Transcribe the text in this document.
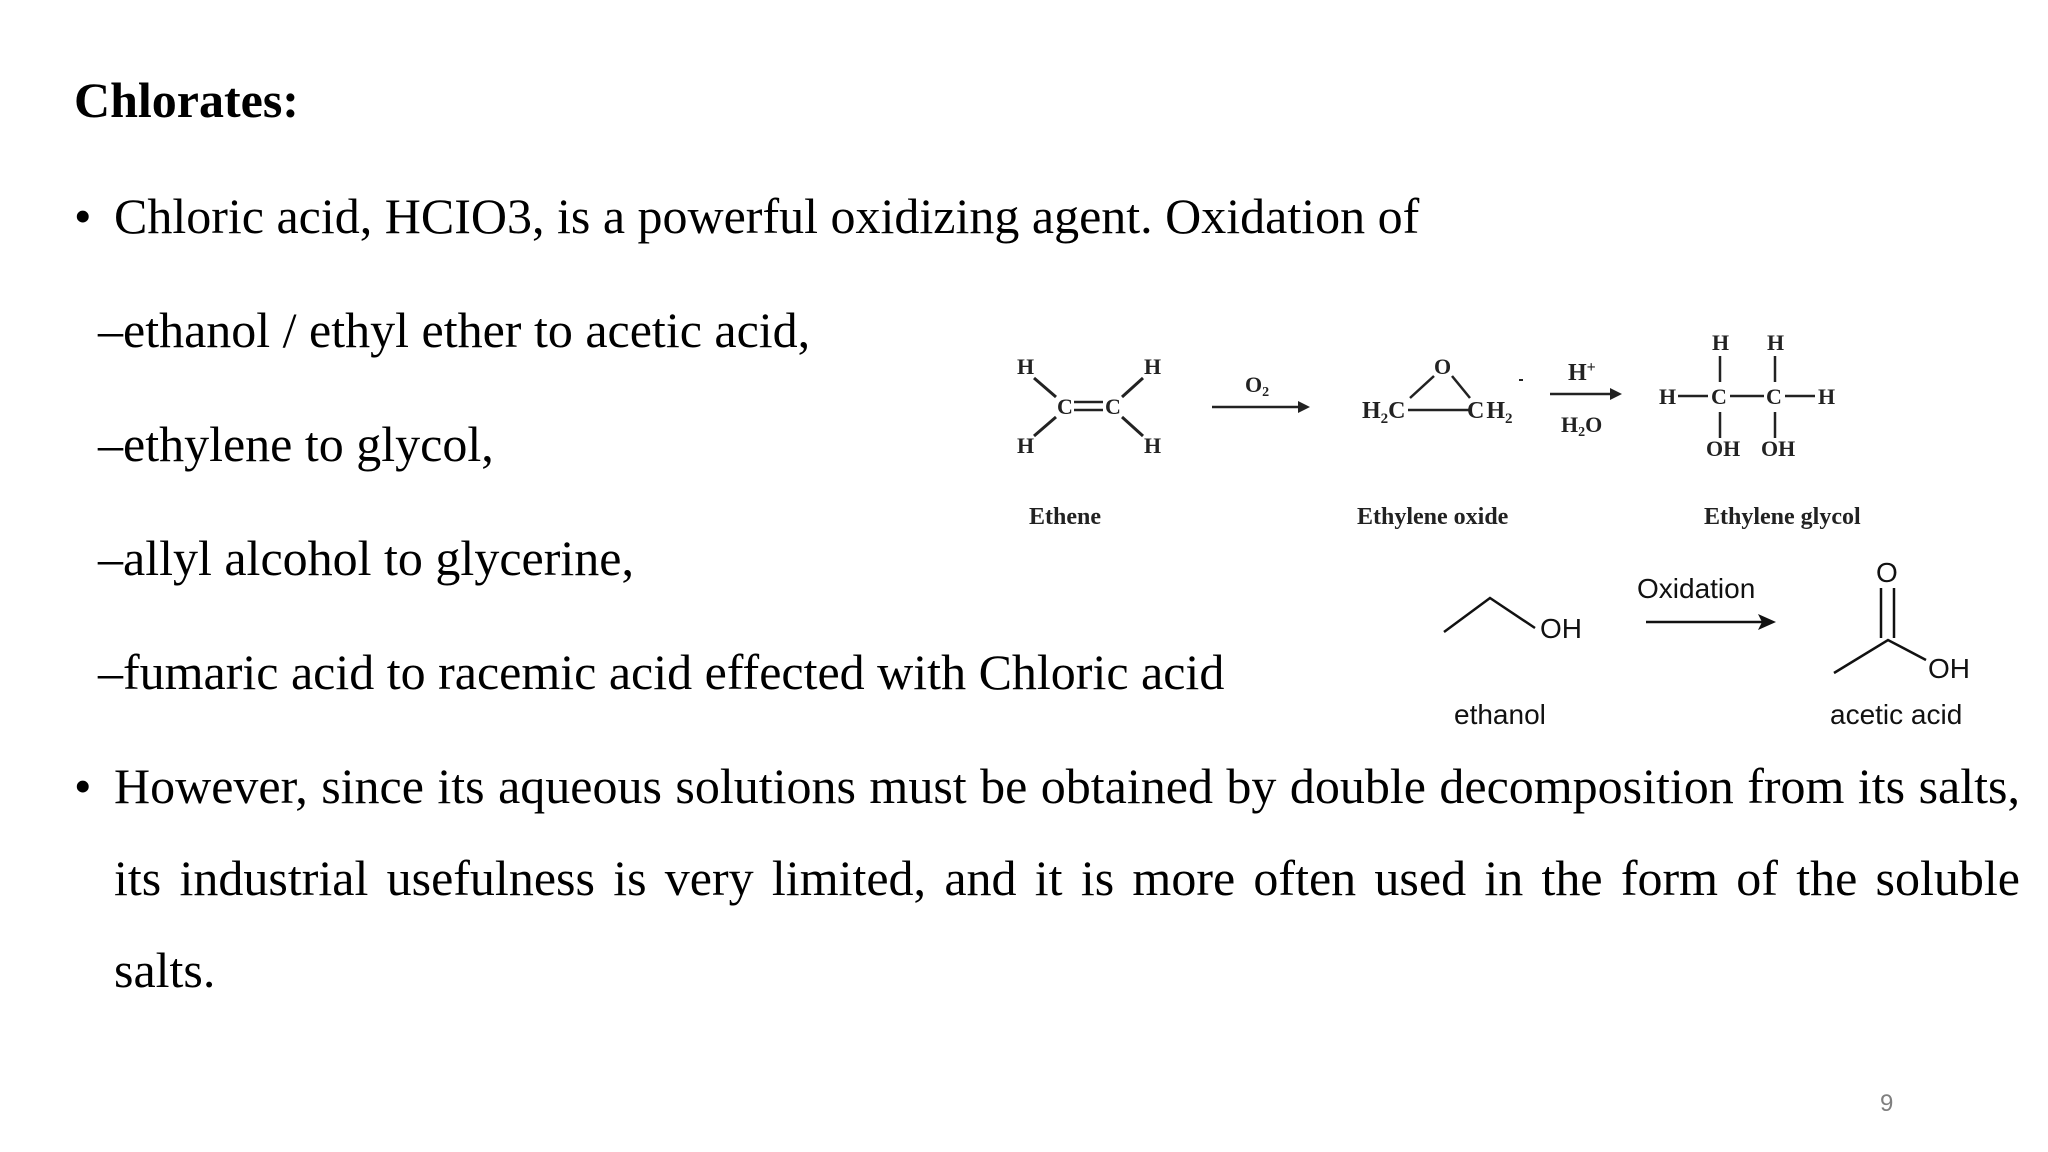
Chlorates:
• Chloric acid, HCIO3, is a powerful oxidizing agent. Oxidation of
–ethanol / ethyl ether to acetic acid,
–ethylene to glycol,
–allyl alcohol to glycerine,
–fumaric acid to racemic acid effected with Chloric acid
• However, since its aqueous solutions must be obtained by double decomposition from its salts, its industrial usefulness is very limited, and it is more often used in the form of the soluble salts.
H
H
H
H
C C
O2
$H_2C$	$CH_2$
O	H+
H2O
H H
H C C H
OH OH
Ethene	Ethylene oxide	Ethylene glycol
OH
Oxidation
O
OH
ethanol	acetic acid
9
